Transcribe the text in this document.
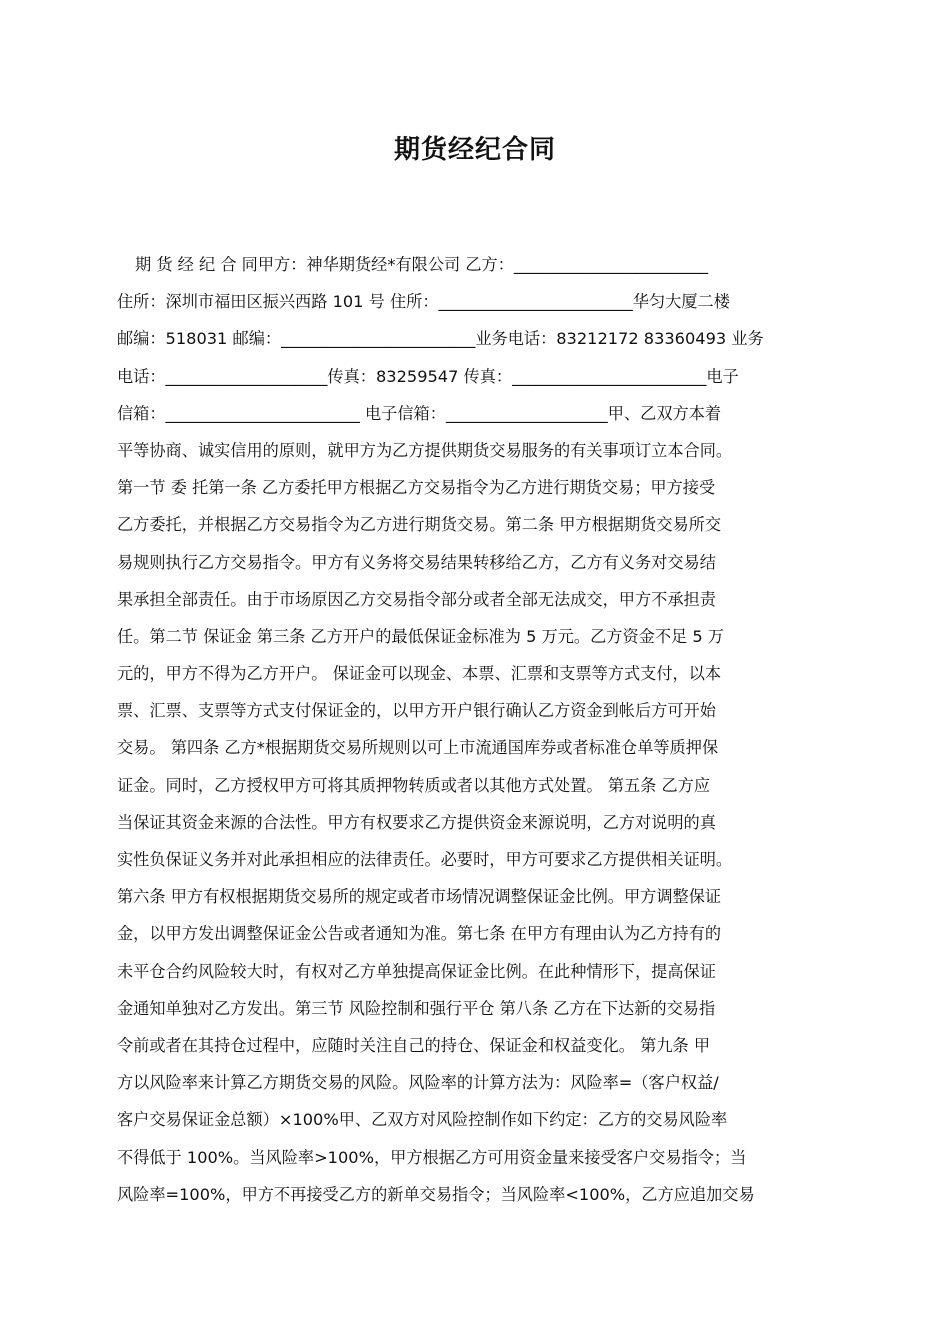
期货经纪合同
期 货 经 纪 合 同甲方：神华期货经*有限公司 乙方：________________________
住所：深圳市福田区振兴西路 101 号 住所：________________________华匀大厦二楼
邮编：518031 邮编：________________________业务电话：83212172 83360493 业务
电话：____________________传真：83259547 传真：________________________电子
信箱：________________________ 电子信箱：____________________甲、乙双方本着
平等协商、诚实信用的原则，就甲方为乙方提供期货交易服务的有关事项订立本合同。
第一节 委 托第一条 乙方委托甲方根据乙方交易指令为乙方进行期货交易；甲方接受
乙方委托，并根据乙方交易指令为乙方进行期货交易。第二条 甲方根据期货交易所交
易规则执行乙方交易指令。甲方有义务将交易结果转移给乙方，乙方有义务对交易结
果承担全部责任。由于市场原因乙方交易指令部分或者全部无法成交，甲方不承担责
任。第二节 保证金 第三条 乙方开户的最低保证金标准为 5 万元。乙方资金不足 5 万
元的，甲方不得为乙方开户。 保证金可以现金、本票、汇票和支票等方式支付，以本
票、汇票、支票等方式支付保证金的，以甲方开户银行确认乙方资金到帐后方可开始
交易。 第四条 乙方*根据期货交易所规则以可上市流通国库券或者标准仓单等质押保
证金。同时，乙方授权甲方可将其质押物转质或者以其他方式处置。 第五条 乙方应
当保证其资金来源的合法性。甲方有权要求乙方提供资金来源说明，乙方对说明的真
实性负保证义务并对此承担相应的法律责任。必要时，甲方可要求乙方提供相关证明。
第六条 甲方有权根据期货交易所的规定或者市场情况调整保证金比例。甲方调整保证
金，以甲方发出调整保证金公告或者通知为准。第七条 在甲方有理由认为乙方持有的
未平仓合约风险较大时，有权对乙方单独提高保证金比例。在此种情形下，提高保证
金通知单独对乙方发出。第三节 风险控制和强行平仓 第八条 乙方在下达新的交易指
令前或者在其持仓过程中，应随时关注自己的持仓、保证金和权益变化。 第九条 甲
方以风险率来计算乙方期货交易的风险。风险率的计算方法为：风险率=（客户权益/
客户交易保证金总额）×100%甲、乙双方对风险控制作如下约定：乙方的交易风险率
不得低于 100%。当风险率>100%，甲方根据乙方可用资金量来接受客户交易指令；当
风险率=100%，甲方不再接受乙方的新单交易指令；当风险率<100%，乙方应追加交易
